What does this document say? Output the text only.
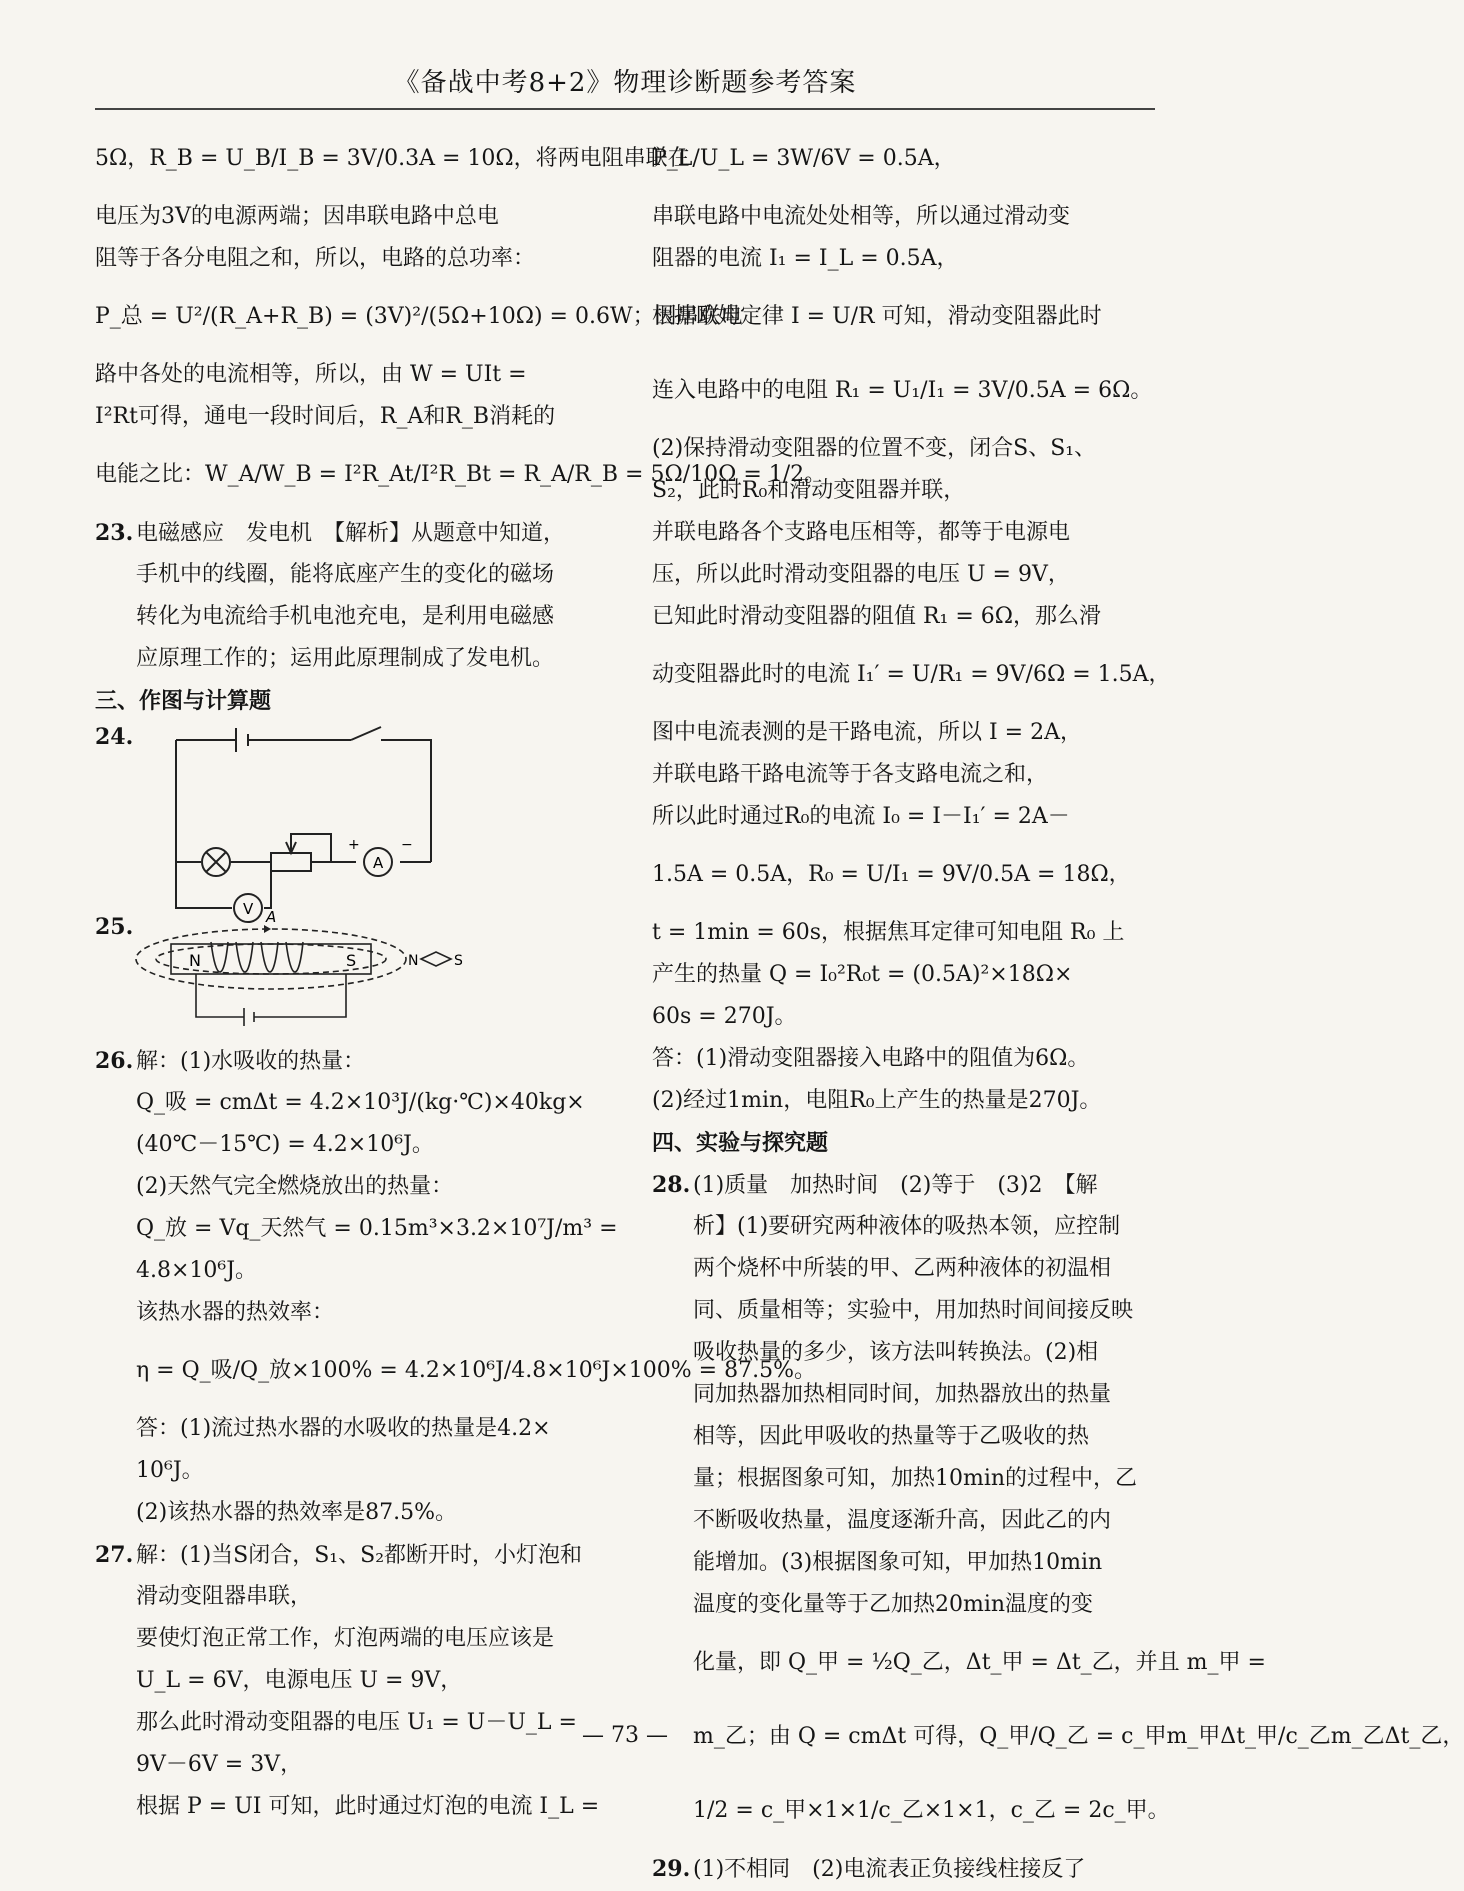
《备战中考8+2》物理诊断题参考答案
5Ω，R_B = U_B/I_B = 3V/0.3A = 10Ω，将两电阻串联在
电压为3V的电源两端；因串联电路中总电
阻等于各分电阻之和，所以，电路的总功率：
P_总 = U²/(R_A+R_B) = (3V)²/(5Ω+10Ω) = 0.6W；因串联电
路中各处的电流相等，所以，由 W = UIt =
I²Rt可得，通电一段时间后，R_A和R_B消耗的
电能之比：W_A/W_B = I²R_At/I²R_Bt = R_A/R_B = 5Ω/10Ω = 1/2。
23. 电磁感应　发电机　【解析】从题意中知道，
手机中的线圈，能将底座产生的变化的磁场
转化为电流给手机电池充电，是利用电磁感
应原理工作的；运用此原理制成了发电机。
三、作图与计算题
24.
A
V
+	−
25.	A
N	S	N	S
26. 解：(1)水吸收的热量：
Q_吸 = cmΔt = 4.2×10³J/(kg·℃)×40kg×
(40℃－15℃) = 4.2×10⁶J。
(2)天然气完全燃烧放出的热量：
Q_放 = Vq_天然气 = 0.15m³×3.2×10⁷J/m³ =
4.8×10⁶J。
该热水器的热效率：
η = Q_吸/Q_放×100% = 4.2×10⁶J/4.8×10⁶J×100% = 87.5%。
答：(1)流过热水器的水吸收的热量是4.2×
10⁶J。
(2)该热水器的热效率是87.5%。
27. 解：(1)当S闭合，S₁、S₂都断开时，小灯泡和
滑动变阻器串联，
要使灯泡正常工作，灯泡两端的电压应该是
U_L = 6V，电源电压 U = 9V，
那么此时滑动变阻器的电压 U₁ = U－U_L =
9V－6V = 3V，
根据 P = UI 可知，此时通过灯泡的电流 I_L =
P_L/U_L = 3W/6V = 0.5A，
串联电路中电流处处相等，所以通过滑动变
阻器的电流 I₁ = I_L = 0.5A，
根据欧姆定律 I = U/R 可知，滑动变阻器此时
连入电路中的电阻 R₁ = U₁/I₁ = 3V/0.5A = 6Ω。
(2)保持滑动变阻器的位置不变，闭合S、S₁、
S₂，此时R₀和滑动变阻器并联，
并联电路各个支路电压相等，都等于电源电
压，所以此时滑动变阻器的电压 U = 9V，
已知此时滑动变阻器的阻值 R₁ = 6Ω，那么滑
动变阻器此时的电流 I₁′ = U/R₁ = 9V/6Ω = 1.5A，
图中电流表测的是干路电流，所以 I = 2A，
并联电路干路电流等于各支路电流之和，
所以此时通过R₀的电流 I₀ = I－I₁′ = 2A－
1.5A = 0.5A，R₀ = U/I₁ = 9V/0.5A = 18Ω，
t = 1min = 60s，根据焦耳定律可知电阻 R₀ 上
产生的热量 Q = I₀²R₀t = (0.5A)²×18Ω×
60s = 270J。
答：(1)滑动变阻器接入电路中的阻值为6Ω。
(2)经过1min，电阻R₀上产生的热量是270J。
四、实验与探究题
28. (1)质量　加热时间　(2)等于　(3)2　【解
析】(1)要研究两种液体的吸热本领，应控制
两个烧杯中所装的甲、乙两种液体的初温相
同、质量相等；实验中，用加热时间间接反映
吸收热量的多少，该方法叫转换法。(2)相
同加热器加热相同时间，加热器放出的热量
相等，因此甲吸收的热量等于乙吸收的热
量；根据图象可知，加热10min的过程中，乙
不断吸收热量，温度逐渐升高，因此乙的内
能增加。(3)根据图象可知，甲加热10min
温度的变化量等于乙加热20min温度的变
化量，即 Q_甲 = ½Q_乙，Δt_甲 = Δt_乙，并且 m_甲 =
m_乙；由 Q = cmΔt 可得，Q_甲/Q_乙 = c_甲m_甲Δt_甲/c_乙m_乙Δt_乙，
1/2 = c_甲×1×1/c_乙×1×1，c_乙 = 2c_甲。
29. (1)不相同　(2)电流表正负接线柱接反了
— 73 —
